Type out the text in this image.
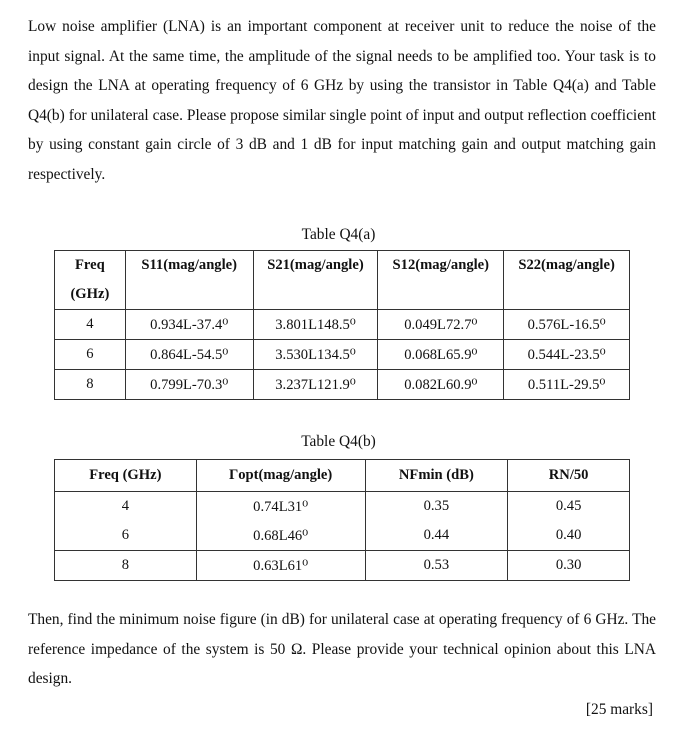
Low noise amplifier (LNA) is an important component at receiver unit to reduce the noise of the input signal. At the same time, the amplitude of the signal needs to be amplified too. Your task is to design the LNA at operating frequency of 6 GHz by using the transistor in Table Q4(a) and Table Q4(b) for unilateral case. Please propose similar single point of input and output reflection coefficient by using constant gain circle of 3 dB and 1 dB for input matching gain and output matching gain respectively.

Table Q4(a)

Freq
(GHz)	S11(mag/angle)	S21(mag/angle)	S12(mag/angle)	S22(mag/angle)
4	0.934L-37.4⁰	3.801L148.5⁰	0.049L72.7⁰	0.576L-16.5⁰
6	0.864L-54.5⁰	3.530L134.5⁰	0.068L65.9⁰	0.544L-23.5⁰
8	0.799L-70.3⁰	3.237L121.9⁰	0.082L60.9⁰	0.511L-29.5⁰

Table Q4(b)

Freq (GHz)	Γopt(mag/angle)	NFmin (dB)	RN/50
4	0.74L31⁰	0.35	0.45
6	0.68L46⁰	0.44	0.40
8	0.63L61⁰	0.53	0.30

Then, find the minimum noise figure (in dB) for unilateral case at operating frequency of 6 GHz. The reference impedance of the system is 50 Ω. Please provide your technical opinion about this LNA design.

[25 marks]
